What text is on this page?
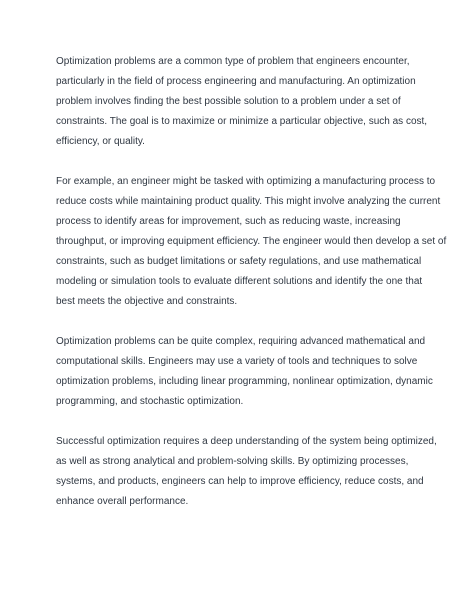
Optimization problems are a common type of problem that engineers encounter,
particularly in the field of process engineering and manufacturing. An optimization
problem involves finding the best possible solution to a problem under a set of
constraints. The goal is to maximize or minimize a particular objective, such as cost,
efficiency, or quality.

For example, an engineer might be tasked with optimizing a manufacturing process to
reduce costs while maintaining product quality. This might involve analyzing the current
process to identify areas for improvement, such as reducing waste, increasing
throughput, or improving equipment efficiency. The engineer would then develop a set of
constraints, such as budget limitations or safety regulations, and use mathematical
modeling or simulation tools to evaluate different solutions and identify the one that
best meets the objective and constraints.

Optimization problems can be quite complex, requiring advanced mathematical and
computational skills. Engineers may use a variety of tools and techniques to solve
optimization problems, including linear programming, nonlinear optimization, dynamic
programming, and stochastic optimization.

Successful optimization requires a deep understanding of the system being optimized,
as well as strong analytical and problem-solving skills. By optimizing processes,
systems, and products, engineers can help to improve efficiency, reduce costs, and
enhance overall performance.
